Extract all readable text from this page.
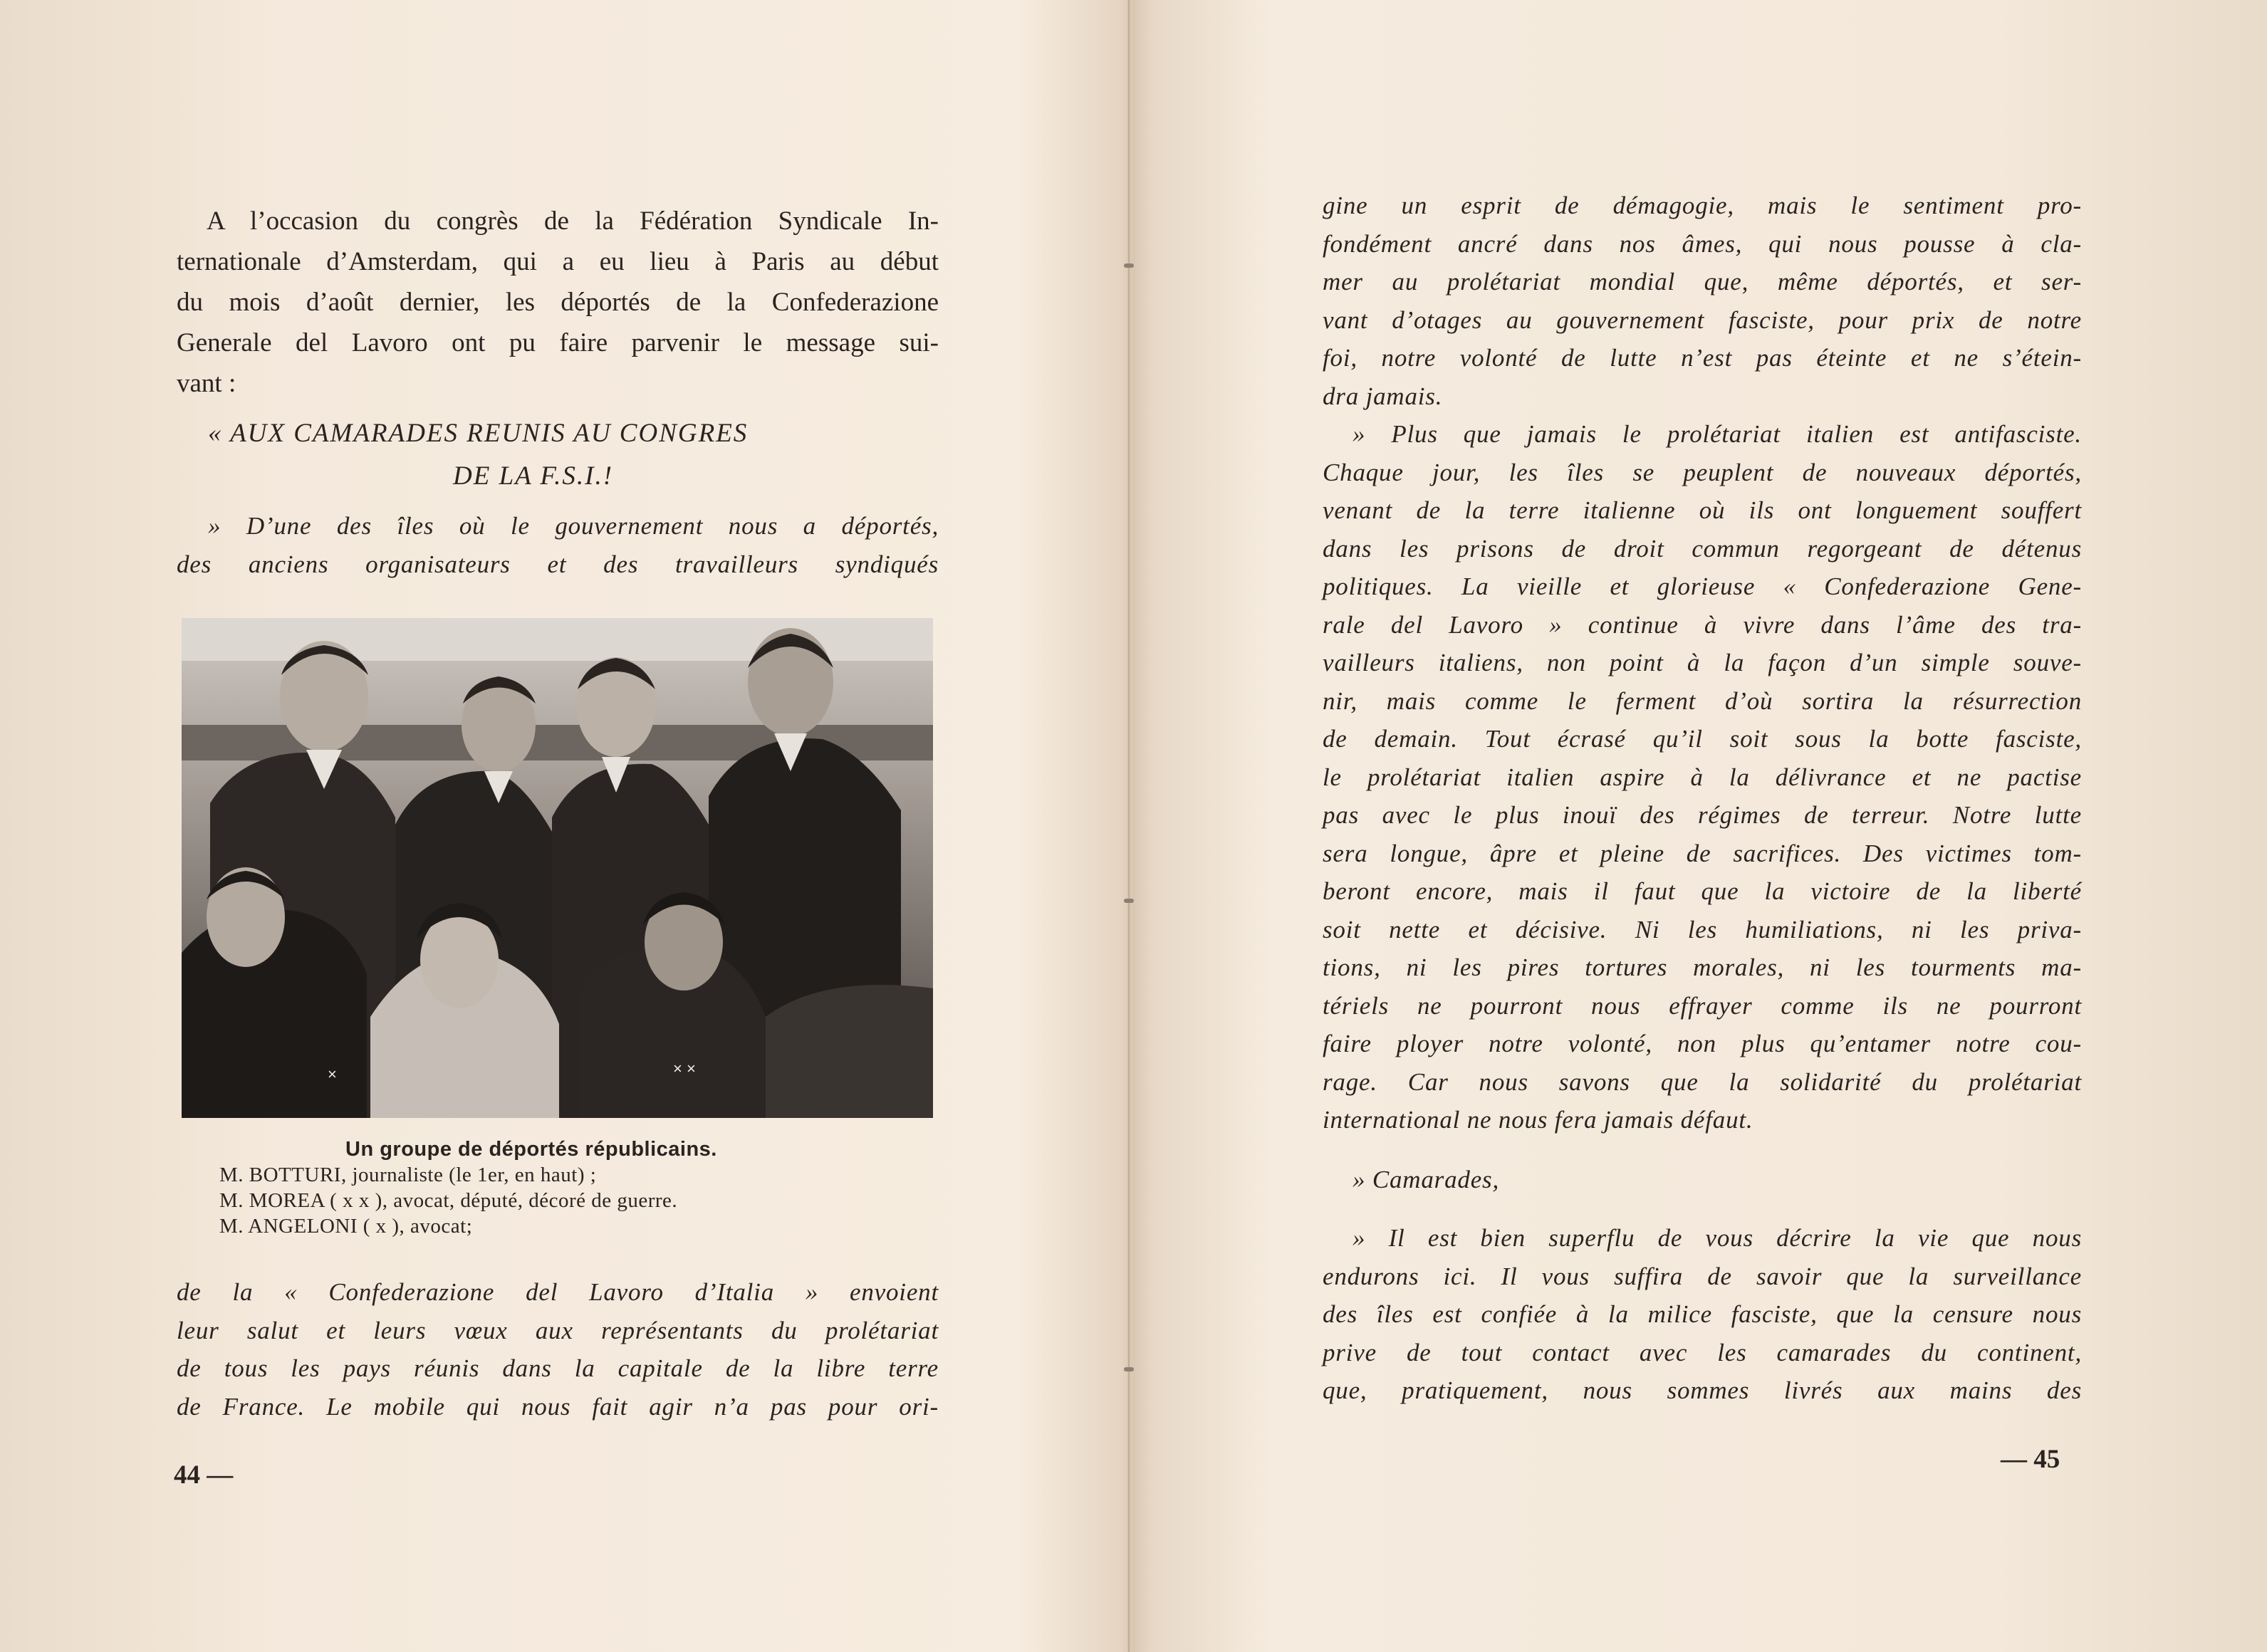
A l’occasion du congrès de la Fédération Syndicale In-
ternationale d’Amsterdam, qui a eu lieu à Paris au début
du mois d’août dernier, les déportés de la Confederazione
Generale del Lavoro ont pu faire parvenir le message sui-
vant :

« AUX CAMARADES REUNIS AU CONGRES

DE LA F.S.I.!

» D’une des îles où le gouvernement nous a déportés,
des anciens organisateurs et des travailleurs syndiqués
×	× ×

Un groupe de déportés républicains.

M. BOTTURI, journaliste (le 1er, en haut) ;

M. MOREA ( x x ), avocat, député, décoré de guerre.

M. ANGELONI ( x ), avocat;

de la « Confederazione del Lavoro d’Italia » envoient
leur salut et leurs vœux aux représentants du prolétariat
de tous les pays réunis dans la capitale de la libre terre
de France. Le mobile qui nous fait agir n’a pas pour ori-

44 —

gine un esprit de démagogie, mais le sentiment pro-
fondément ancré dans nos âmes, qui nous pousse à cla-
mer au prolétariat mondial que, même déportés, et ser-
vant d’otages au gouvernement fasciste, pour prix de notre
foi, notre volonté de lutte n’est pas éteinte et ne s’étein-
dra jamais.
» Plus que jamais le prolétariat italien est antifasciste.
Chaque jour, les îles se peuplent de nouveaux déportés,
venant de la terre italienne où ils ont longuement souffert
dans les prisons de droit commun regorgeant de détenus
politiques. La vieille et glorieuse « Confederazione Gene-
rale del Lavoro » continue à vivre dans l’âme des tra-
vailleurs italiens, non point à la façon d’un simple souve-
nir, mais comme le ferment d’où sortira la résurrection
de demain. Tout écrasé qu’il soit sous la botte fasciste,
le prolétariat italien aspire à la délivrance et ne pactise
pas avec le plus inouï des régimes de terreur. Notre lutte
sera longue, âpre et pleine de sacrifices. Des victimes tom-
beront encore, mais il faut que la victoire de la liberté
soit nette et décisive. Ni les humiliations, ni les priva-
tions, ni les pires tortures morales, ni les tourments ma-
tériels ne pourront nous effrayer comme ils ne pourront
faire ployer notre volonté, non plus qu’entamer notre cou-
rage. Car nous savons que la solidarité du prolétariat
international ne nous fera jamais défaut.

» Camarades,

» Il est bien superflu de vous décrire la vie que nous
endurons ici. Il vous suffira de savoir que la surveillance
des îles est confiée à la milice fasciste, que la censure nous
prive de tout contact avec les camarades du continent,
que, pratiquement, nous sommes livrés aux mains des

— 45
